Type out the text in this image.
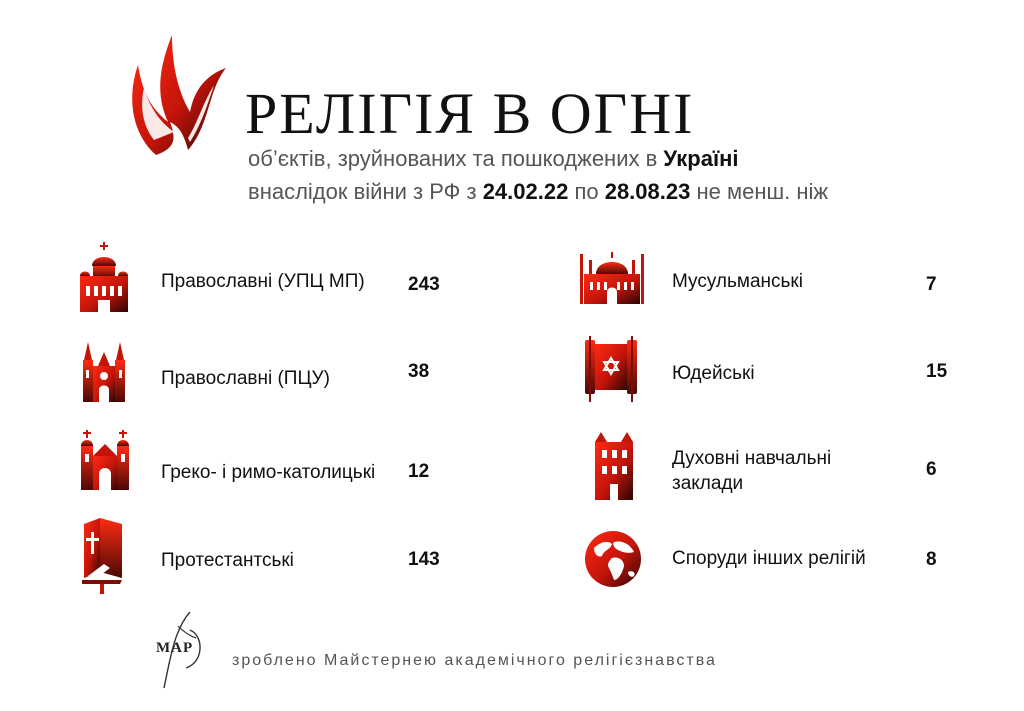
РЕЛІГІЯ В ОГНІ
об’єктів, зруйнованих та пошкоджених в Україні
внаслідок війни з РФ з 24.02.22 по 28.08.23 не менш. ніж
Православні (УПЦ МП) 243
Православні (ПЦУ)	38
Греко- і римо-католицькі 12
Протестантські	143
Мусульманські	7
Юдейські	15
Духовні навчальні
заклади
6
Споруди інших релігій	8
MAP
зроблено Майстернею академічного релігієзнавства
